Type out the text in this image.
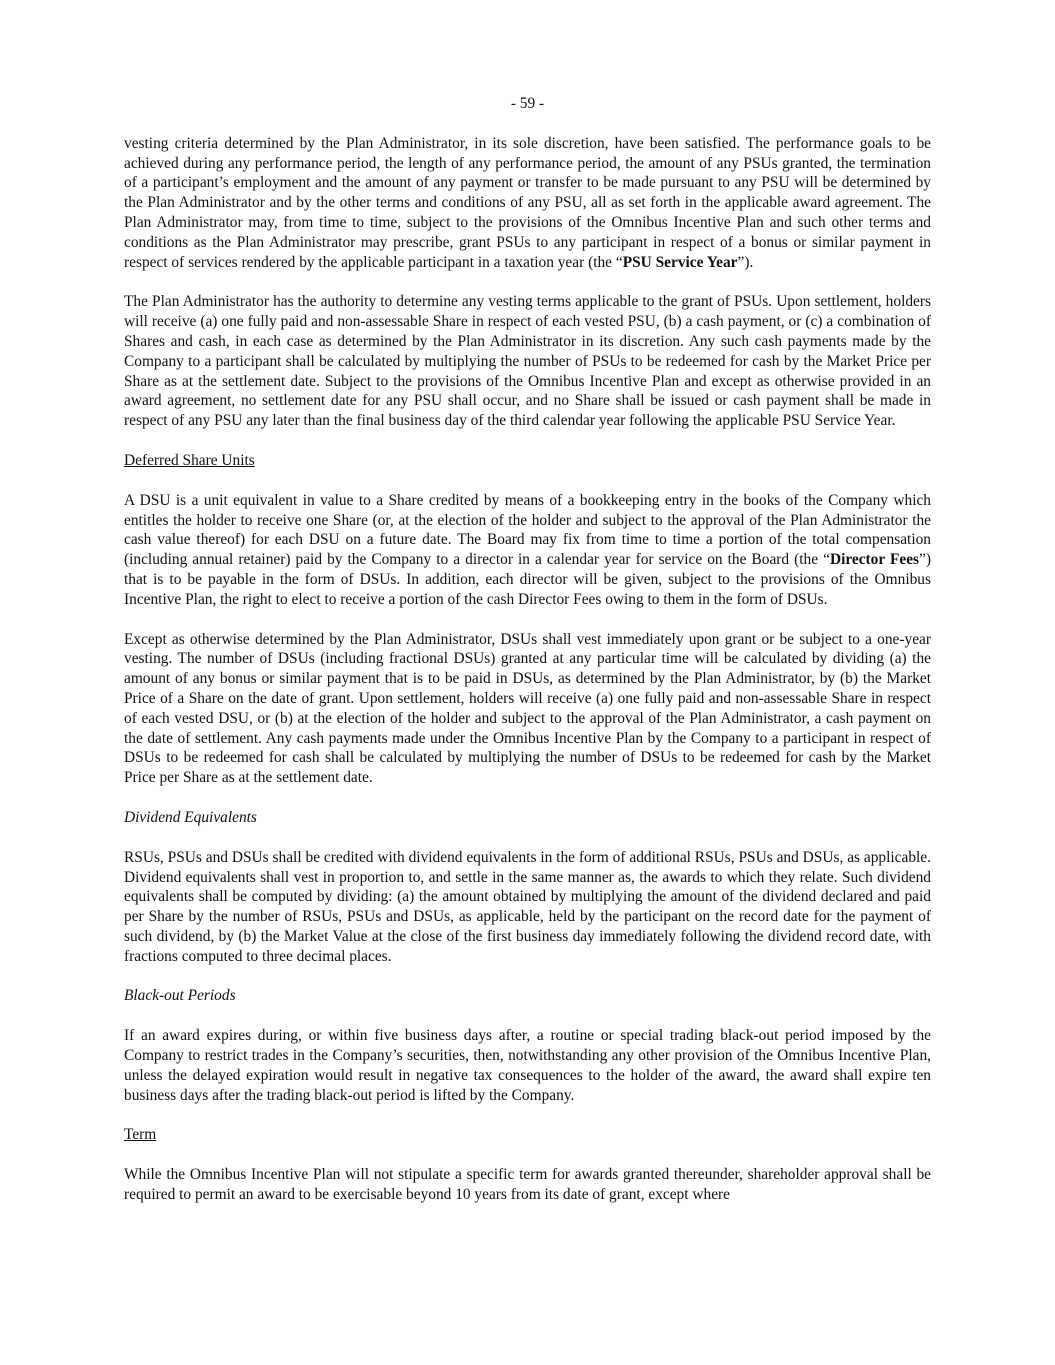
- 59 -

vesting criteria determined by the Plan Administrator, in its sole discretion, have been satisfied. The performance goals to be achieved during any performance period, the length of any performance period, the amount of any PSUs granted, the termination of a participant’s employment and the amount of any payment or transfer to be made pursuant to any PSU will be determined by the Plan Administrator and by the other terms and conditions of any PSU, all as set forth in the applicable award agreement. The Plan Administrator may, from time to time, subject to the provisions of the Omnibus Incentive Plan and such other terms and conditions as the Plan Administrator may prescribe, grant PSUs to any participant in respect of a bonus or similar payment in respect of services rendered by the applicable participant in a taxation year (the “PSU Service Year”).

The Plan Administrator has the authority to determine any vesting terms applicable to the grant of PSUs. Upon settlement, holders will receive (a) one fully paid and non-assessable Share in respect of each vested PSU, (b) a cash payment, or (c) a combination of Shares and cash, in each case as determined by the Plan Administrator in its discretion. Any such cash payments made by the Company to a participant shall be calculated by multiplying the number of PSUs to be redeemed for cash by the Market Price per Share as at the settlement date. Subject to the provisions of the Omnibus Incentive Plan and except as otherwise provided in an award agreement, no settlement date for any PSU shall occur, and no Share shall be issued or cash payment shall be made in respect of any PSU any later than the final business day of the third calendar year following the applicable PSU Service Year.

Deferred Share Units

A DSU is a unit equivalent in value to a Share credited by means of a bookkeeping entry in the books of the Company which entitles the holder to receive one Share (or, at the election of the holder and subject to the approval of the Plan Administrator the cash value thereof) for each DSU on a future date. The Board may fix from time to time a portion of the total compensation (including annual retainer) paid by the Company to a director in a calendar year for service on the Board (the “Director Fees”) that is to be payable in the form of DSUs. In addition, each director will be given, subject to the provisions of the Omnibus Incentive Plan, the right to elect to receive a portion of the cash Director Fees owing to them in the form of DSUs.

Except as otherwise determined by the Plan Administrator, DSUs shall vest immediately upon grant or be subject to a one-year vesting. The number of DSUs (including fractional DSUs) granted at any particular time will be calculated by dividing (a) the amount of any bonus or similar payment that is to be paid in DSUs, as determined by the Plan Administrator, by (b) the Market Price of a Share on the date of grant. Upon settlement, holders will receive (a) one fully paid and non-assessable Share in respect of each vested DSU, or (b) at the election of the holder and subject to the approval of the Plan Administrator, a cash payment on the date of settlement. Any cash payments made under the Omnibus Incentive Plan by the Company to a participant in respect of DSUs to be redeemed for cash shall be calculated by multiplying the number of DSUs to be redeemed for cash by the Market Price per Share as at the settlement date.

Dividend Equivalents

RSUs, PSUs and DSUs shall be credited with dividend equivalents in the form of additional RSUs, PSUs and DSUs, as applicable. Dividend equivalents shall vest in proportion to, and settle in the same manner as, the awards to which they relate. Such dividend equivalents shall be computed by dividing: (a) the amount obtained by multiplying the amount of the dividend declared and paid per Share by the number of RSUs, PSUs and DSUs, as applicable, held by the participant on the record date for the payment of such dividend, by (b) the Market Value at the close of the first business day immediately following the dividend record date, with fractions computed to three decimal places.

Black-out Periods

If an award expires during, or within five business days after, a routine or special trading black-out period imposed by the Company to restrict trades in the Company’s securities, then, notwithstanding any other provision of the Omnibus Incentive Plan, unless the delayed expiration would result in negative tax consequences to the holder of the award, the award shall expire ten business days after the trading black-out period is lifted by the Company.

Term

While the Omnibus Incentive Plan will not stipulate a specific term for awards granted thereunder, shareholder approval shall be required to permit an award to be exercisable beyond 10 years from its date of grant, except where
